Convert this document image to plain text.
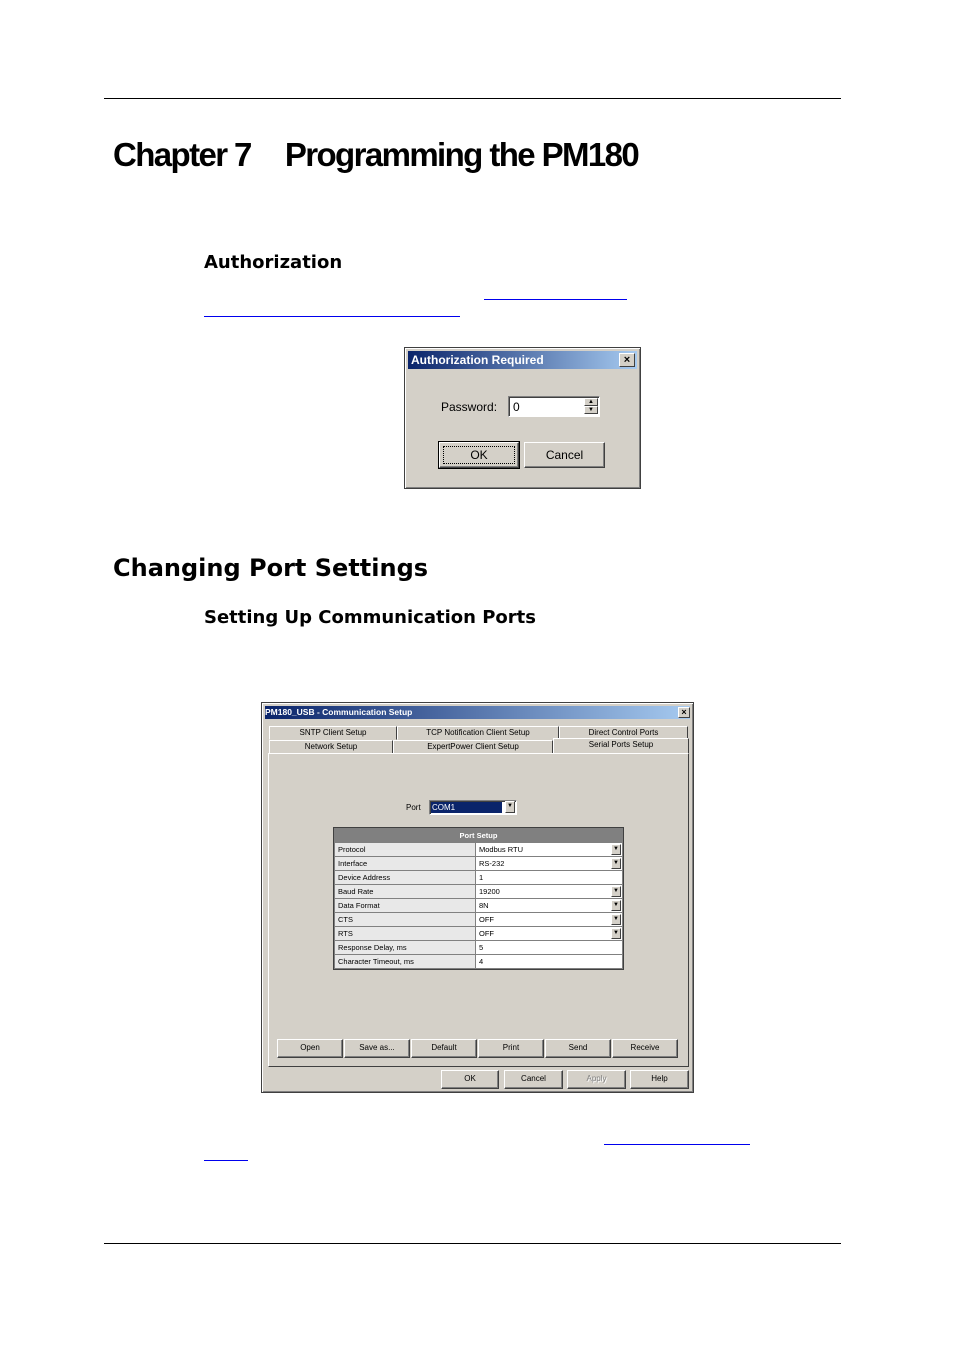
Chapter 7 Programming the PM180
Authorization
Authorization Required	×
Password: 0	▲
▼
OK	Cancel
Changing Port Settings
Setting Up Communication Ports
PM180_USB - Communication Setup	×
SNTP Client Setup	TCP Notification Client Setup	Direct Control Ports
Network Setup	ExpertPower Client Setup	Serial Ports Setup
Port COM1	▼
Port Setup	
Protocol	Modbus RTU ▼

Interface	RS-232 ▼

Device Address	1
Baud Rate	19200 ▼

Data Format	8N ▼

CTS	OFF ▼

RTS	OFF ▼

Response Delay, ms	5
Character Timeout, ms	4
Open	Save as...	Default	Print	Send	Receive
OK	Cancel	Apply	Help
